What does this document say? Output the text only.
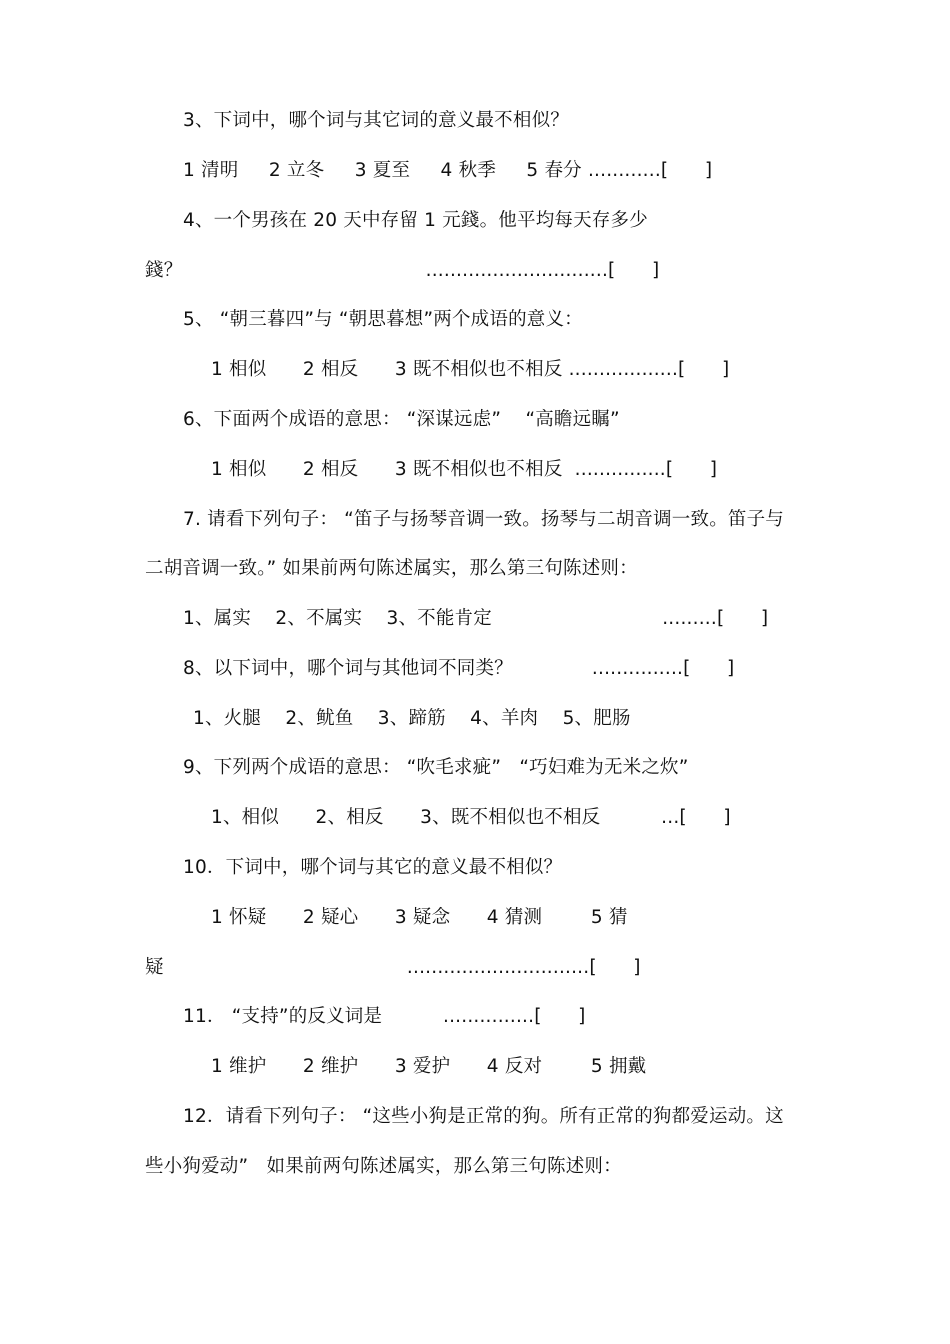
3、下词中，哪个词与其它词的意义最不相似？
1 清明     2 立冬     3 夏至     4 秋季     5 春分 ............[      ]
4、一个男孩在 20 天中存留 1 元錢。他平均每天存多少
錢？                                        ..............................[      ]
5、 “朝三暮四”与 “朝思暮想”两个成语的意义：
1 相似      2 相反      3 既不相似也不相反 ..................[      ]
6、下面两个成语的意思： “深谋远虑”    “高瞻远瞩”
1 相似      2 相反      3 既不相似也不相反  ...............[      ]
7. 请看下列句子： “笛子与扬琴音调一致。扬琴与二胡音调一致。笛子与
二胡音调一致。” 如果前两句陈述属实，那么第三句陈述则：
1、属实    2、不属实    3、不能肯定                            .........[      ]
8、以下词中，哪个词与其他词不同类？             ...............[      ]
1、火腿    2、鱿鱼    3、蹄筋    4、羊肉    5、肥肠
9、下列两个成语的意思： “吹毛求疵”   “巧妇难为无米之炊”
1、相似      2、相反      3、既不相似也不相反          ...[      ]
10．下词中，哪个词与其它的意义最不相似？
1 怀疑      2 疑心      3 疑念      4 猜测        5 猜
疑                                        ..............................[      ]
11． “支持”的反义词是          ...............[      ]
1 维护      2 维护      3 爱护      4 反对        5 拥戴
12．请看下列句子： “这些小狗是正常的狗。所有正常的狗都爱运动。这
些小狗爱动”   如果前两句陈述属实，那么第三句陈述则：
